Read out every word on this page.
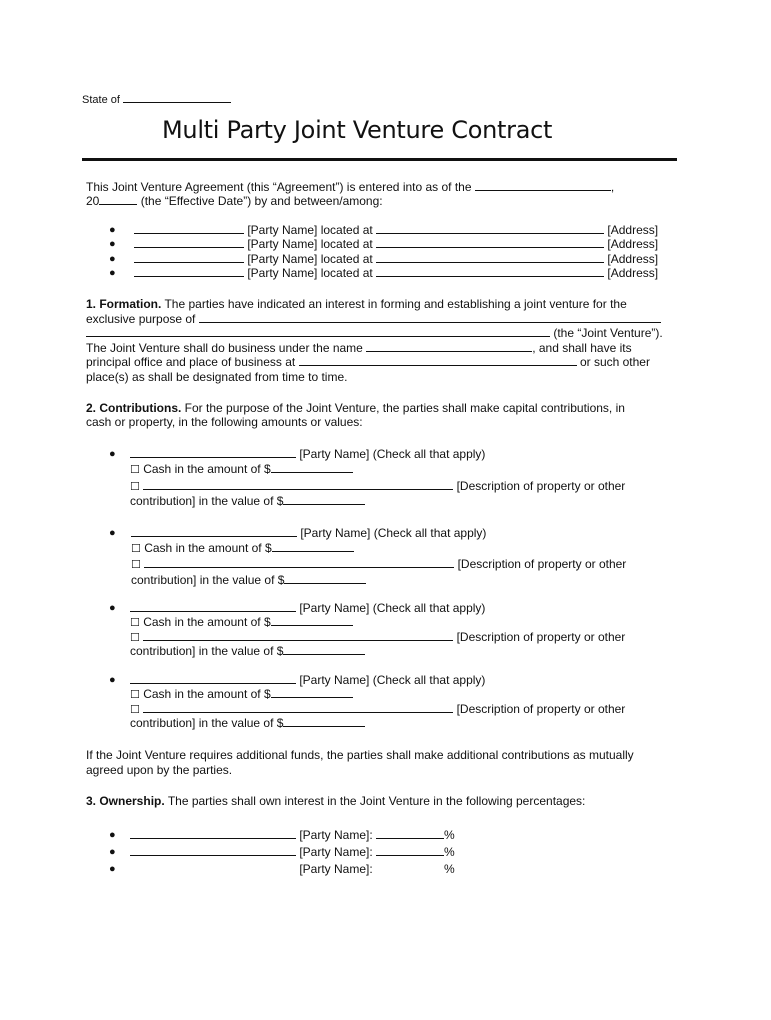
State of
Multi Party Joint Venture Contract
This Joint Venture Agreement (this “Agreement”) is entered into as of the	,
20	(the “Effective Date”) by and between/among:
●	[Party Name] located at	[Address]
●	[Party Name] located at	[Address]
●	[Party Name] located at	[Address]
●	[Party Name] located at	[Address]
1. Formation. The parties have indicated an interest in forming and establishing a joint venture for the
exclusive purpose of
(the “Joint Venture”).
The Joint Venture shall do business under the name	, and shall have its
principal office and place of business at	or such other
place(s) as shall be designated from time to time.
2. Contributions. For the purpose of the Joint Venture, the parties shall make capital contributions, in
cash or property, in the following amounts or values:
●	[Party Name] (Check all that apply)
☐ Cash in the amount of $
☐	[Description of property or other
contribution] in the value of $
●	[Party Name] (Check all that apply)
☐ Cash in the amount of $
☐	[Description of property or other
contribution] in the value of $
●	[Party Name] (Check all that apply)
☐ Cash in the amount of $
☐	[Description of property or other
contribution] in the value of $
●	[Party Name] (Check all that apply)
☐ Cash in the amount of $
☐	[Description of property or other
contribution] in the value of $
If the Joint Venture requires additional funds, the parties shall make additional contributions as mutually
agreed upon by the parties.
3. Ownership. The parties shall own interest in the Joint Venture in the following percentages:
●	[Party Name]:	%
●	[Party Name]:	%
●	[Party Name]:	%
